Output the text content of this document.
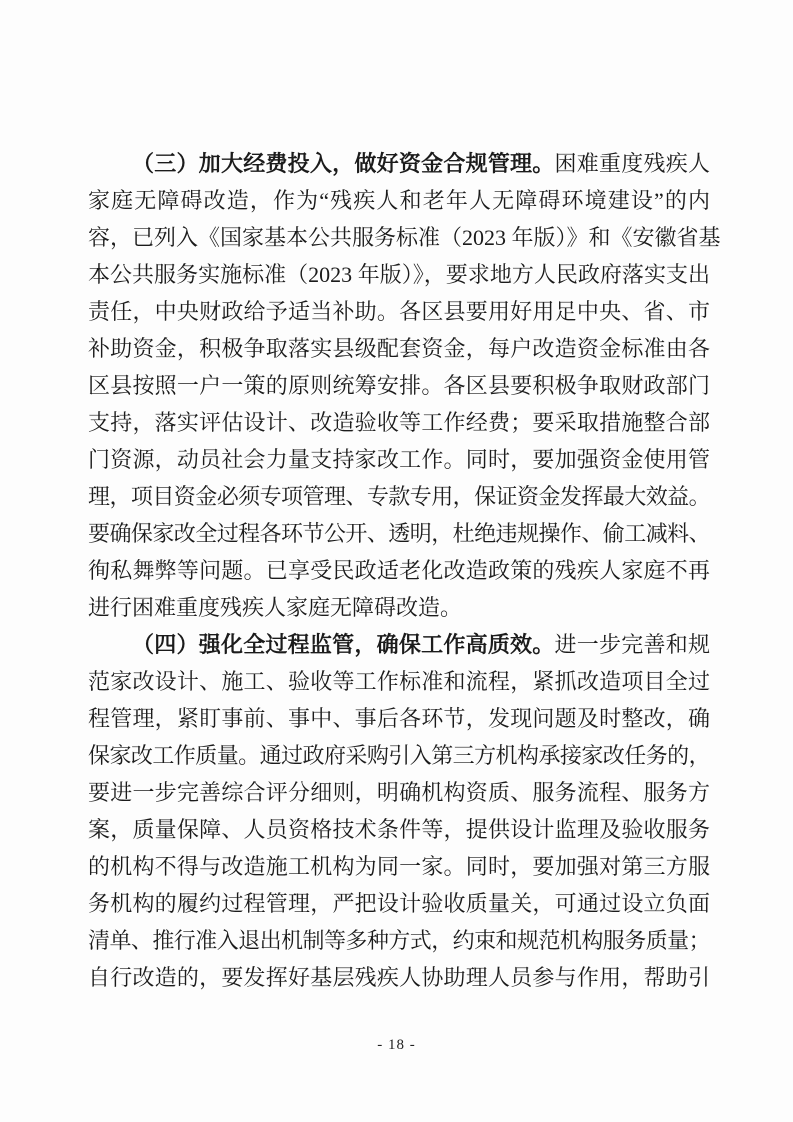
（三）加大经费投入，做好资金合规管理。困难重度残疾人
家庭无障碍改造，作为“残疾人和老年人无障碍环境建设”的内
容，已列入《国家基本公共服务标准（2023 年版）》和《安徽省基
本公共服务实施标准（2023 年版）》，要求地方人民政府落实支出
责任，中央财政给予适当补助。各区县要用好用足中央、省、市
补助资金，积极争取落实县级配套资金，每户改造资金标准由各
区县按照一户一策的原则统筹安排。各区县要积极争取财政部门
支持，落实评估设计、改造验收等工作经费；要采取措施整合部
门资源，动员社会力量支持家改工作。同时，要加强资金使用管
理，项目资金必须专项管理、专款专用，保证资金发挥最大效益。
要确保家改全过程各环节公开、透明，杜绝违规操作、偷工减料、
徇私舞弊等问题。已享受民政适老化改造政策的残疾人家庭不再
进行困难重度残疾人家庭无障碍改造。
（四）强化全过程监管，确保工作高质效。进一步完善和规
范家改设计、施工、验收等工作标准和流程，紧抓改造项目全过
程管理，紧盯事前、事中、事后各环节，发现问题及时整改，确
保家改工作质量。通过政府采购引入第三方机构承接家改任务的，
要进一步完善综合评分细则，明确机构资质、服务流程、服务方
案，质量保障、人员资格技术条件等，提供设计监理及验收服务
的机构不得与改造施工机构为同一家。同时，要加强对第三方服
务机构的履约过程管理，严把设计验收质量关，可通过设立负面
清单、推行准入退出机制等多种方式，约束和规范机构服务质量；
自行改造的，要发挥好基层残疾人协助理人员参与作用，帮助引
- 18 -
